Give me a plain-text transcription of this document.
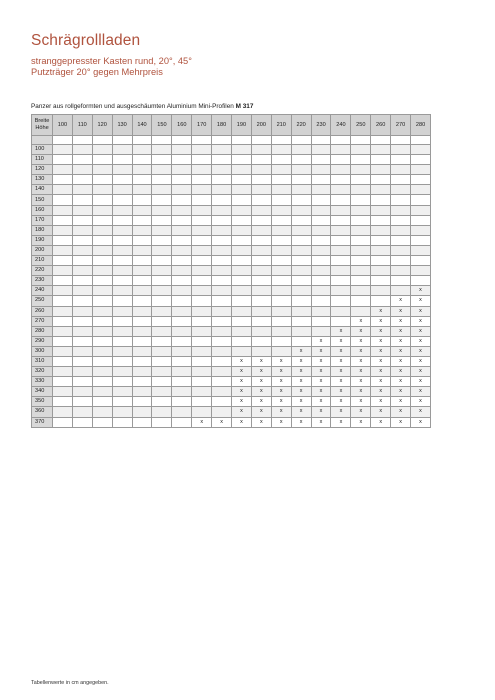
Schrägrollladen
stranggepresster Kasten rund, 20°, 45°
Putzträger 20° gegen Mehrpreis
Panzer aus rollgeformten und ausgeschäumten Aluminium Mini-Profilen M 317
Breite
Höhe	100	110	120	130	140	150	160	170	180	190	200	210	220	230	240	250	260	270	280

100																			
110																			
120																			
130																			
140																			
150																			
160																			
170																			
180																			
190																			
200																			
210																			
220																			
230																			
240																			x
250																		x	x
260																	x	x	x
270																x	x	x	x
280															x	x	x	x	x
290														x	x	x	x	x	x
300													x	x	x	x	x	x	x
310										x	x	x	x	x	x	x	x	x	x
320										x	x	x	x	x	x	x	x	x	x
330										x	x	x	x	x	x	x	x	x	x
340										x	x	x	x	x	x	x	x	x	x
350										x	x	x	x	x	x	x	x	x	x
360										x	x	x	x	x	x	x	x	x	x
370								x	x	x	x	x	x	x	x	x	x	x	x
Tabellenwerte in cm angegeben.
